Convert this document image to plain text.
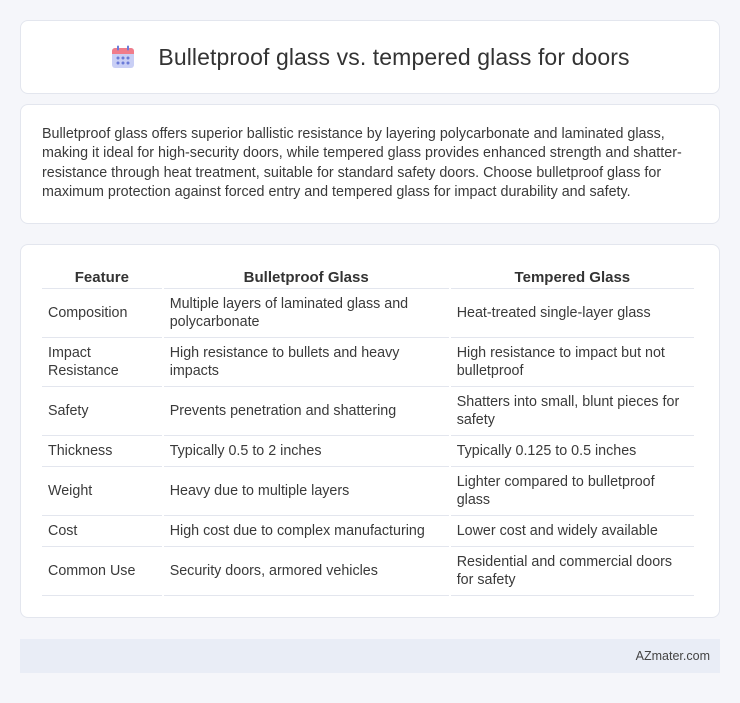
Bulletproof glass vs. tempered glass for doors

Bulletproof glass offers superior ballistic resistance by layering polycarbonate and laminated glass, making it ideal for high-security doors, while tempered glass provides enhanced strength and shatter-resistance through heat treatment, suitable for standard safety doors. Choose bulletproof glass for maximum protection against forced entry and tempered glass for impact durability and safety.

Feature	Bulletproof Glass	Tempered Glass
Composition	Multiple layers of laminated glass and polycarbonate	Heat-treated single-layer glass
Impact Resistance	High resistance to bullets and heavy impacts	High resistance to impact but not bulletproof
Safety	Prevents penetration and shattering	Shatters into small, blunt pieces for safety
Thickness	Typically 0.5 to 2 inches	Typically 0.125 to 0.5 inches
Weight	Heavy due to multiple layers	Lighter compared to bulletproof glass
Cost	High cost due to complex manufacturing	Lower cost and widely available
Common Use	Security doors, armored vehicles	Residential and commercial doors for safety
AZmater.com
